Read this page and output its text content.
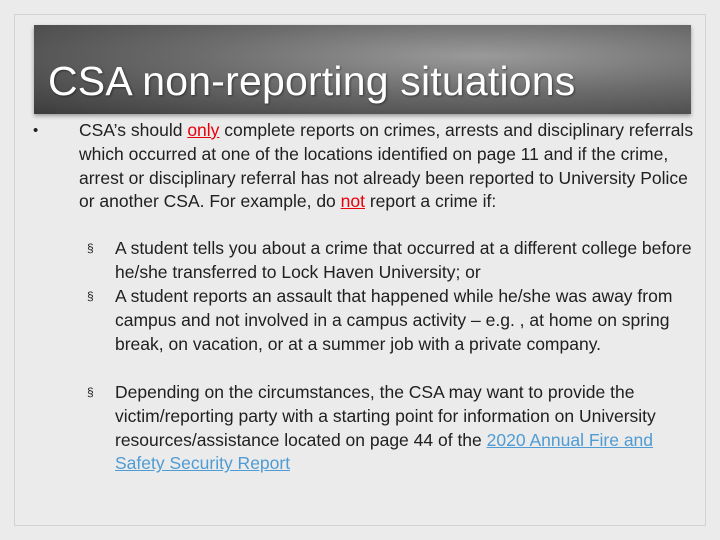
CSA non-reporting situations
• CSA’s should only complete reports on crimes, arrests and disciplinary referrals which occurred at one of the locations identified on page 11 and if the crime, arrest or disciplinary referral has not already been reported to University Police or another CSA. For example, do not report a crime if:
§ A student tells you about a crime that occurred at a different college before he/she transferred to Lock Haven University; or
§ A student reports an assault that happened while he/she was away from campus and not involved in a campus activity – e.g. , at home on spring break, on vacation, or at a summer job with a private company.
§ Depending on the circumstances, the CSA may want to provide the victim/reporting party with a starting point for information on University resources/assistance located on page 44 of the 2020 Annual Fire and Safety Security Report
